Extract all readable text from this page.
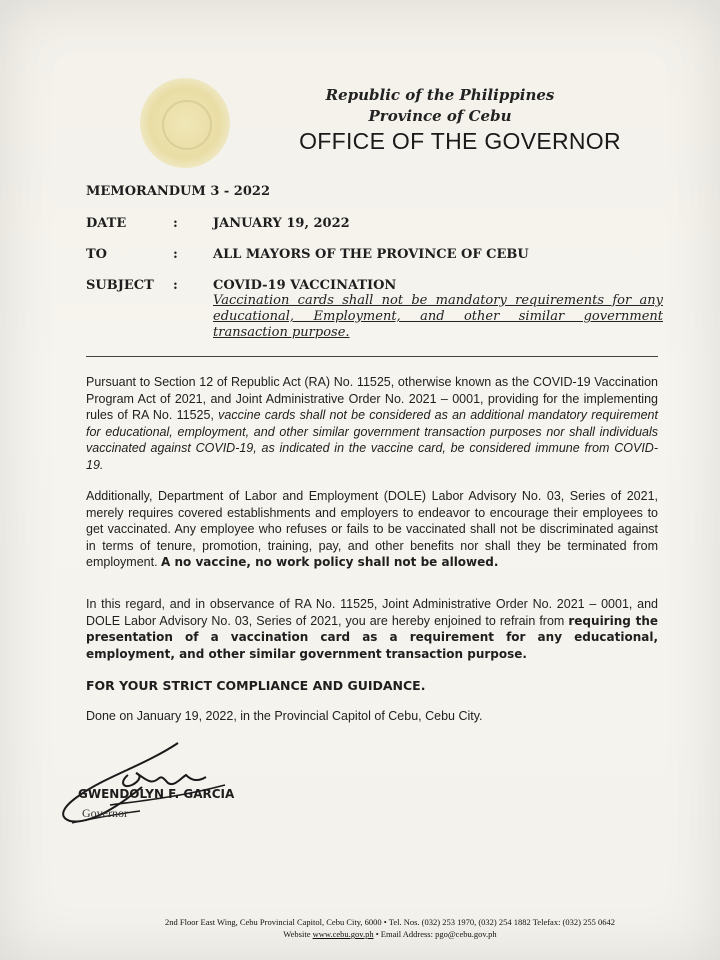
Republic of the Philippines
Province of Cebu
OFFICE OF THE GOVERNOR
MEMORANDUM 3 - 2022
DATE	:	JANUARY 19, 2022
TO	:	ALL MAYORS OF THE PROVINCE OF CEBU
SUBJECT :	COVID-19 VACCINATION
Vaccination cards shall not be mandatory requirements for any educational, Employment, and other similar government transaction purpose.
Pursuant to Section 12 of Republic Act (RA) No. 11525, otherwise known as the COVID-19 Vaccination Program Act of 2021, and Joint Administrative Order No. 2021 – 0001, providing for the implementing rules of RA No. 11525, vaccine cards shall not be considered as an additional mandatory requirement for educational, employment, and other similar government transaction purposes nor shall individuals vaccinated against COVID-19, as indicated in the vaccine card, be considered immune from COVID-19.
Additionally, Department of Labor and Employment (DOLE) Labor Advisory No. 03, Series of 2021, merely requires covered establishments and employers to endeavor to encourage their employees to get vaccinated. Any employee who refuses or fails to be vaccinated shall not be discriminated against in terms of tenure, promotion, training, pay, and other benefits nor shall they be terminated from employment. A no vaccine, no work policy shall not be allowed.
In this regard, and in observance of RA No. 11525, Joint Administrative Order No. 2021 – 0001, and DOLE Labor Advisory No. 03, Series of 2021, you are hereby enjoined to refrain from requiring the presentation of a vaccination card as a requirement for any educational, employment, and other similar government transaction purpose.
FOR YOUR STRICT COMPLIANCE AND GUIDANCE.
Done on January 19, 2022, in the Provincial Capitol of Cebu, Cebu City.
GWENDOLYN F. GARCIA
Governor
2nd Floor East Wing, Cebu Provincial Capitol, Cebu City, 6000 • Tel. Nos. (032) 253 1970, (032) 254 1882 Telefax: (032) 255 0642
Website www.cebu.gov.ph • Email Address: pgo@cebu.gov.ph
